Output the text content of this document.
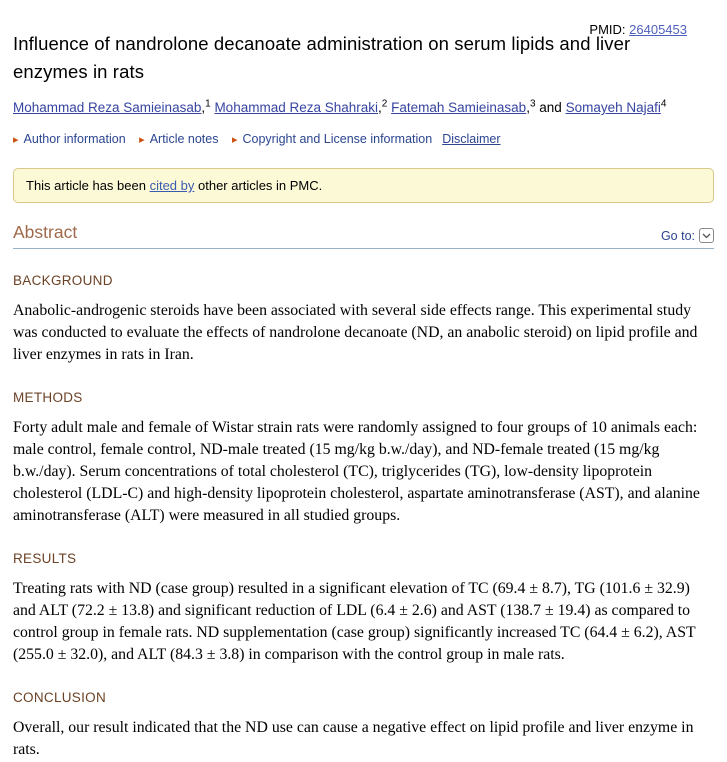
PMID: 26405453
Influence of nandrolone decanoate administration on serum lipids and liver enzymes in rats
Mohammad Reza Samieinasab,$^1$ Mohammad Reza Shahraki,$^2$ Fatemah Samieinasab,$^3$ and Somayeh Najafi$^4$
▸ Author information ▸ Article notes ▸ Copyright and License information Disclaimer
This article has been cited by other articles in PMC.
Abstract	Go to:
BACKGROUND

Anabolic-androgenic steroids have been associated with several side effects range. This experimental study was conducted to evaluate the effects of nandrolone decanoate (ND, an anabolic steroid) on lipid profile and liver enzymes in rats in Iran.

METHODS

Forty adult male and female of Wistar strain rats were randomly assigned to four groups of 10 animals each: male control, female control, ND-male treated (15 mg/kg b.w./day), and ND-female treated (15 mg/kg b.w./day). Serum concentrations of total cholesterol (TC), triglycerides (TG), low-density lipoprotein cholesterol (LDL-C) and high-density lipoprotein cholesterol, aspartate aminotransferase (AST), and alanine aminotransferase (ALT) were measured in all studied groups.

RESULTS

Treating rats with ND (case group) resulted in a significant elevation of TC (69.4 ± 8.7), TG (101.6 ± 32.9) and ALT (72.2 ± 13.8) and significant reduction of LDL (6.4 ± 2.6) and AST (138.7 ± 19.4) as compared to control group in female rats. ND supplementation (case group) significantly increased TC (64.4 ± 6.2), AST (255.0 ± 32.0), and ALT (84.3 ± 3.8) in comparison with the control group in male rats.

CONCLUSION

Overall, our result indicated that the ND use can cause a negative effect on lipid profile and liver enzyme in rats.
